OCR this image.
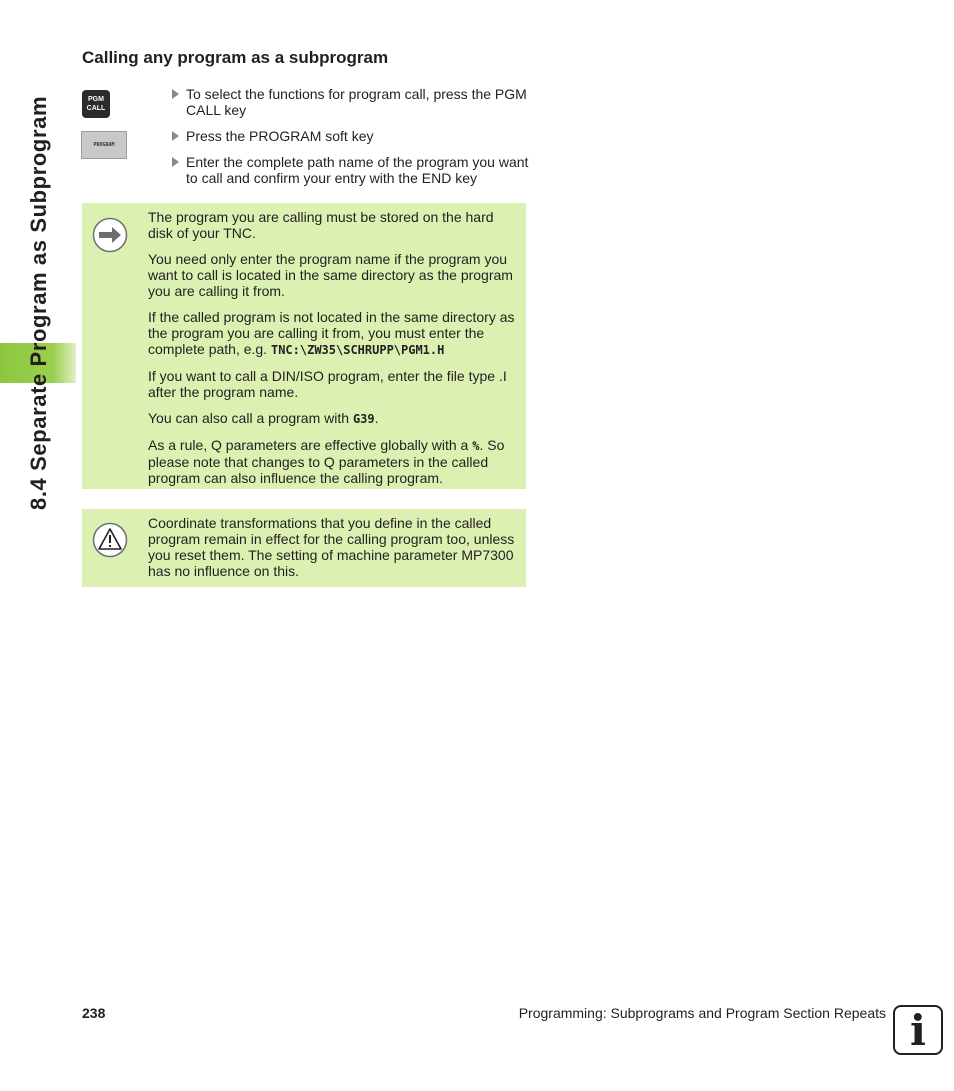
8.4 Separate Program as Subprogram
Calling any program as a subprogram
PGM
CALL
PROGRAM
To select the functions for program call, press the PGM CALL key
Press the PROGRAM soft key
Enter the complete path name of the program you want to call and confirm your entry with the END key

The program you are calling must be stored on the hard disk of your TNC.

You need only enter the program name if the program you want to call is located in the same directory as the program you are calling it from.

If the called program is not located in the same directory as the program you are calling it from, you must enter the complete path, e.g. TNC:\ZW35\SCHRUPP\PGM1.H

If you want to call a DIN/ISO program, enter the file type .I after the program name.

You can also call a program with G39.

As a rule, Q parameters are effective globally with a %. So please note that changes to Q parameters in the called program can also influence the calling program.

Coordinate transformations that you define in the called program remain in effect for the calling program too, unless you reset them. The setting of machine parameter MP7300 has no influence on this.

238	Programming: Subprograms and Program Section Repeats i
